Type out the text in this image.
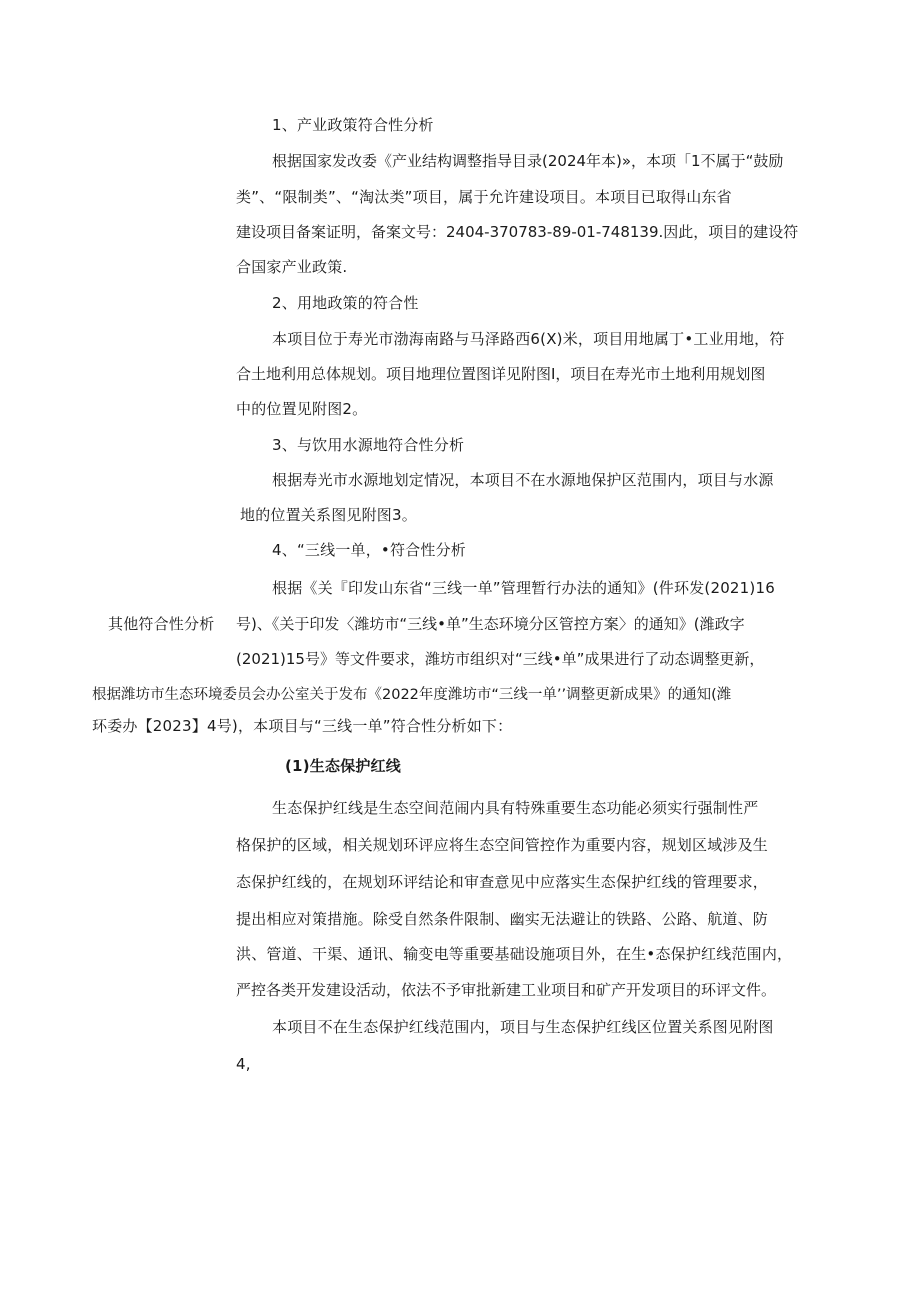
其他符合性分析

1、产业政策符合性分析

根据国家发改委《产业结构调整指导目录(2024年本)»，本项「1不属于“鼓励

类”、“限制类”、“淘汰类”项目，属于允许建设项目。本项目已取得山东省

建设项目备案证明，备案文号：2404-370783-89-01-748139.因此，项目的建设符

合国家产业政策.

2、用地政策的符合性

本项目位于寿光市渤海南路与马泽路西6(X)米，项目用地属丁•工业用地，符

合土地利用总体规划。项目地理位置图详见附图I，项目在寿光市土地利用规划图

中的位置见附图2。

3、与饮用水源地符合性分析

根据寿光市水源地划定情况，本项目不在水源地保护区范围内，项目与水源

地的位置关系图见附图3。

4、“三线一单，•符合性分析

根据《关『印发山东省“三线一单”管理暂行办法的通知》(件环发(2021)16

号)、《关于印发〈潍坊市“三线•单”生态环境分区管控方案〉的通知》(潍政字

(2021)15号》等文件要求，潍坊市组织对“三线•单”成果进行了动态调整更新，

根据潍坊市生态环境委员会办公室关于发布《2022年度潍坊市“三线一单’’调整更新成果》的通知(潍

环委办【2023】4号)，本项目与“三线一单”符合性分析如下：

(1)生态保护红线

生态保护红线是生态空间范闹内具有特殊重要生态功能必须实行强制性严

格保护的区域，相关规划环评应将生态空间管控作为重要内容，规划区域涉及生

态保护红线的，在规划环评结论和审查意见中应落实生态保护红线的管理要求，

提出相应对策措施。除受自然条件限制、幽实无法避让的铁路、公路、航道、防

洪、管道、干渠、通讯、输变电等重要基础设施项目外，在生•态保护红线范围内，

严控各类开发建设活动，依法不予审批新建工业项目和矿产开发项目的环评文件。

本项目不在生态保护红线范围内，项目与生态保护红线区位置关系图见附图

4,
